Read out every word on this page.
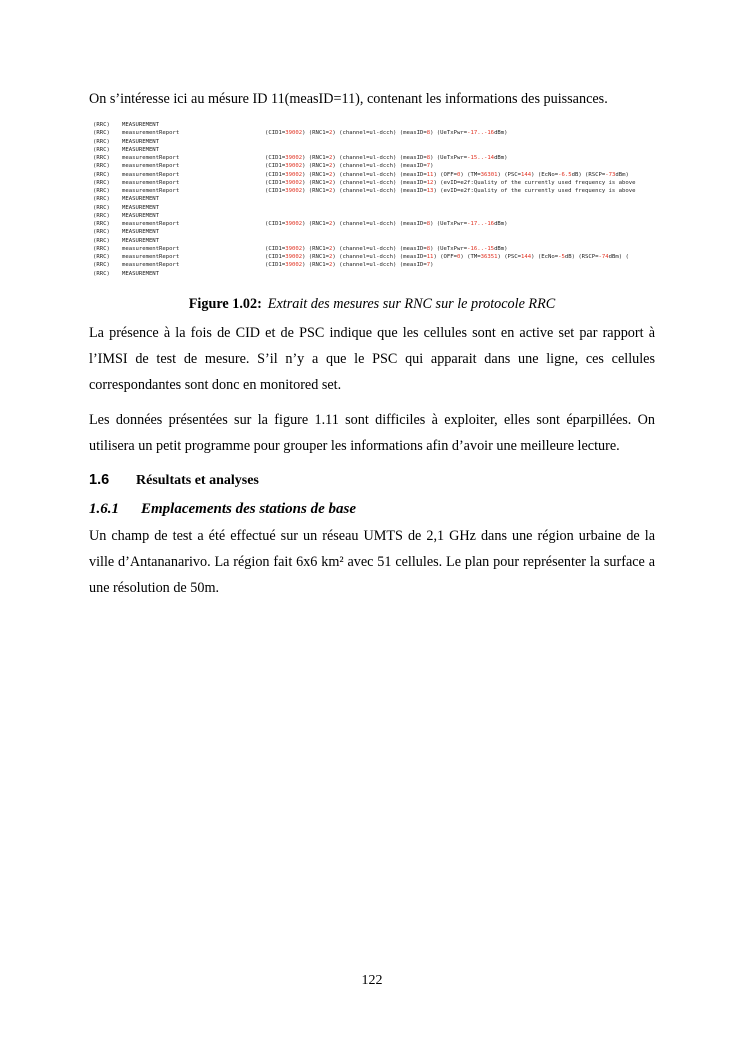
On s’intéresse ici au mésure ID 11(measID=11), contenant les informations des puissances.

(RRC) MEASUREMENT
(RRC) measurementReport	(CID1=39002) (RNC1=2) (channel=ul-dcch) (measID=8) (UeTxPwr=-17..-16dBm)
(RRC) MEASUREMENT
(RRC) MEASUREMENT
(RRC) measurementReport	(CID1=39002) (RNC1=2) (channel=ul-dcch) (measID=8) (UeTxPwr=-15..-14dBm)
(RRC) measurementReport	(CID1=39002) (RNC1=2) (channel=ul-dcch) (measID=7)
(RRC) measurementReport	(CID1=39002) (RNC1=2) (channel=ul-dcch) (measID=11) (OFF=0) (TM=36301) (PSC=144) (EcNo=-6.5dB) (RSCP=-73dBm)
(RRC) measurementReport	(CID1=39002) (RNC1=2) (channel=ul-dcch) (measID=12) (evID=e2f:Quality of the currently used frequency is above
(RRC) measurementReport	(CID1=39002) (RNC1=2) (channel=ul-dcch) (measID=13) (evID=e2f:Quality of the currently used frequency is above
(RRC) MEASUREMENT
(RRC) MEASUREMENT
(RRC) MEASUREMENT
(RRC) measurementReport	(CID1=39002) (RNC1=2) (channel=ul-dcch) (measID=8) (UeTxPwr=-17..-16dBm)
(RRC) MEASUREMENT
(RRC) MEASUREMENT
(RRC) measurementReport	(CID1=39002) (RNC1=2) (channel=ul-dcch) (measID=8) (UeTxPwr=-16..-15dBm)
(RRC) measurementReport	(CID1=39002) (RNC1=2) (channel=ul-dcch) (measID=11) (OFF=0) (TM=36351) (PSC=144) (EcNo=-5dB) (RSCP=-74dBm) (
(RRC) measurementReport	(CID1=39002) (RNC1=2) (channel=ul-dcch) (measID=7)
(RRC) MEASUREMENT
Figure 1.02: Extrait des mesures sur RNC sur le protocole RRC

La présence à la fois de CID et de PSC indique que les cellules sont en active set par rapport à l’IMSI de test de mesure. S’il n’y a que le PSC qui apparait dans une ligne, ces cellules correspondantes sont donc en monitored set.

Les données présentées sur la figure 1.11 sont difficiles à exploiter, elles sont éparpillées. On utilisera un petit programme pour grouper les informations afin d’avoir une meilleure lecture.

1.6 Résultats et analyses
1.6.1 Emplacements des stations de base

Un champ de test a été effectué sur un réseau UMTS de 2,1 GHz dans une région urbaine de la ville d’Antananarivo. La région fait 6x6 km² avec 51 cellules. Le plan pour représenter la surface a une résolution de 50m.

122
